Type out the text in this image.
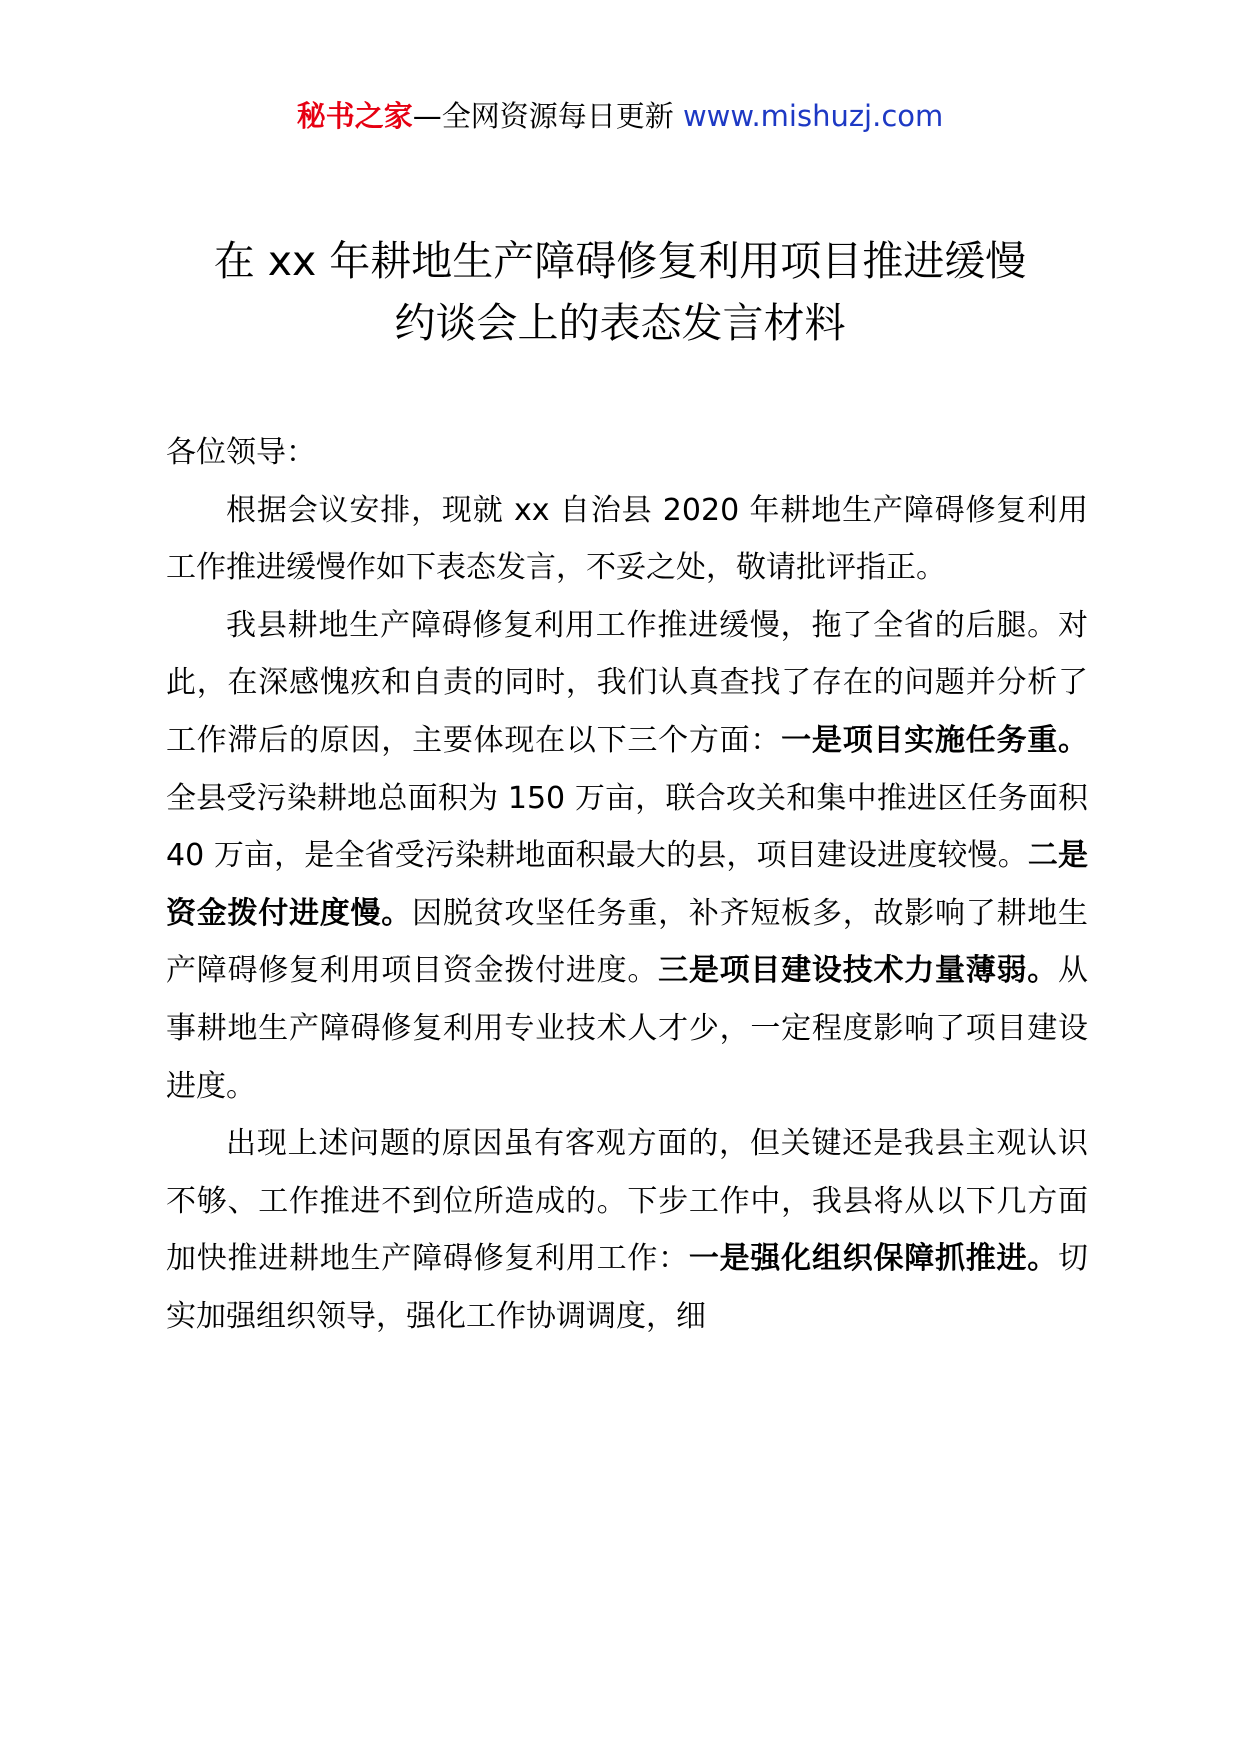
秘书之家—全网资源每日更新 www.mishuzj.com
在 xx 年耕地生产障碍修复利用项目推进缓慢
约谈会上的表态发言材料

各位领导：

根据会议安排，现就 xx 自治县 2020 年耕地生产障碍修复利用工作推进缓慢作如下表态发言，不妥之处，敬请批评指正。

我县耕地生产障碍修复利用工作推进缓慢，拖了全省的后腿。对此，在深感愧疚和自责的同时，我们认真查找了存在的问题并分析了工作滞后的原因，主要体现在以下三个方面：一是项目实施任务重。全县受污染耕地总面积为 150 万亩，联合攻关和集中推进区任务面积 40 万亩，是全省受污染耕地面积最大的县，项目建设进度较慢。二是资金拨付进度慢。因脱贫攻坚任务重，补齐短板多，故影响了耕地生产障碍修复利用项目资金拨付进度。三是项目建设技术力量薄弱。从事耕地生产障碍修复利用专业技术人才少，一定程度影响了项目建设进度。

出现上述问题的原因虽有客观方面的，但关键还是我县主观认识不够、工作推进不到位所造成的。下步工作中，我县将从以下几方面加快推进耕地生产障碍修复利用工作：一是强化组织保障抓推进。切实加强组织领导，强化工作协调调度，细
